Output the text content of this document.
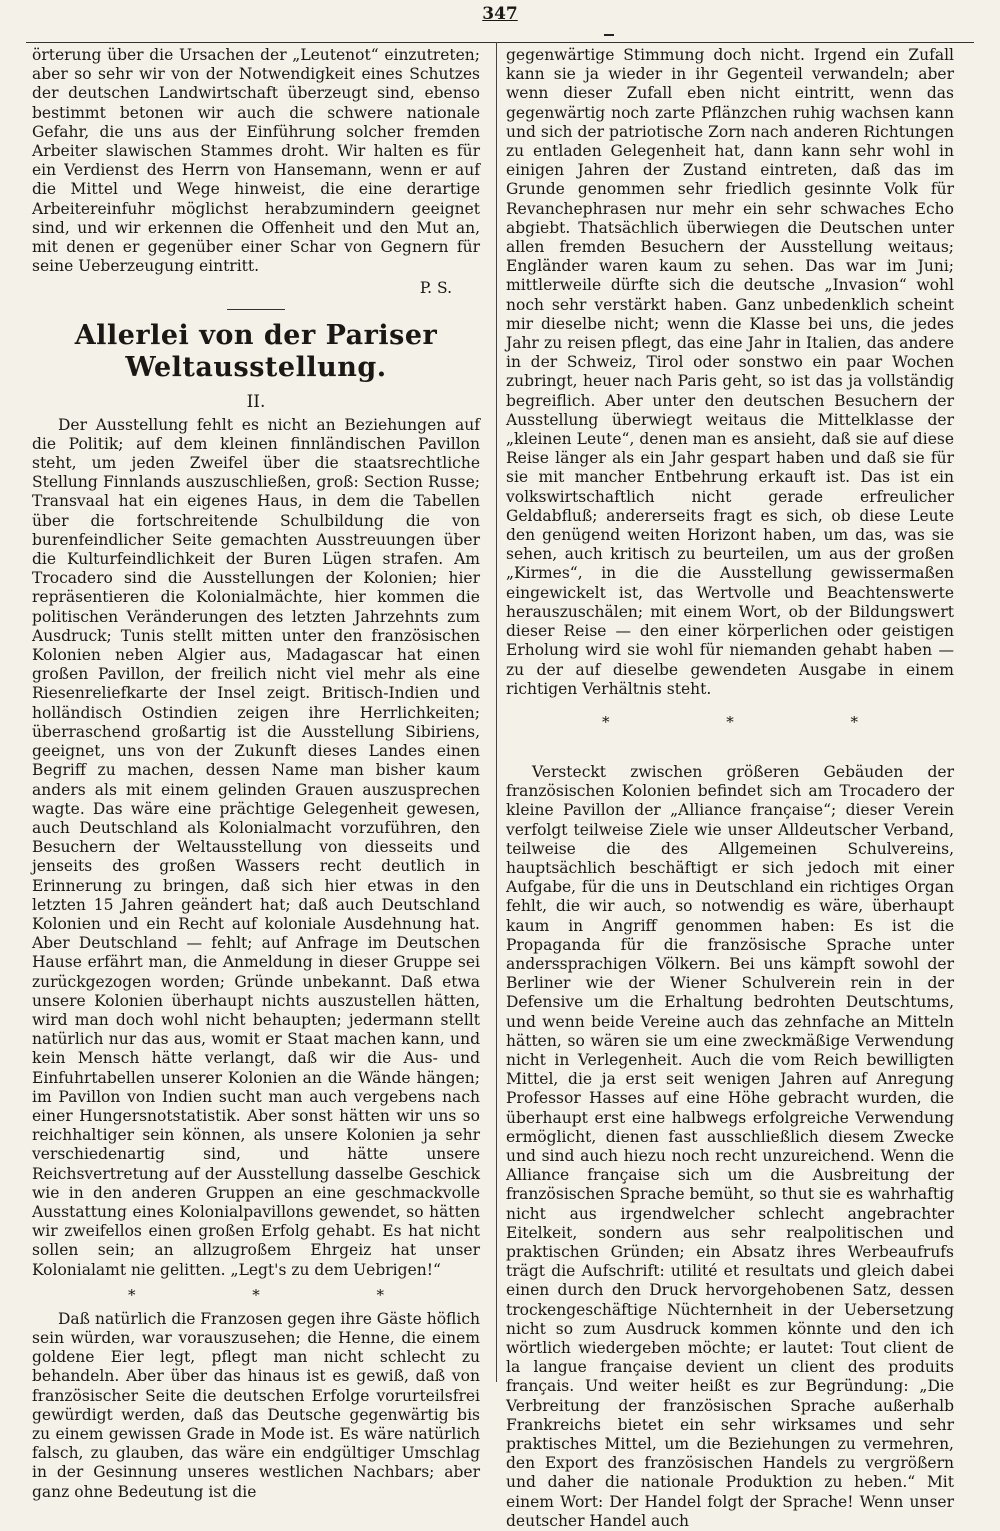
347

örterung über die Ursachen der „Leutenot“ einzutreten; aber so sehr wir von der Notwendigkeit eines Schutzes der deutschen Landwirtschaft überzeugt sind, ebenso bestimmt betonen wir auch die schwere nationale Gefahr, die uns aus der Einführung solcher fremden Arbeiter slawischen Stammes droht. Wir halten es für ein Verdienst des Herrn von Hansemann, wenn er auf die Mittel und Wege hinweist, die eine derartige Arbeitereinfuhr möglichst herabzumindern geeignet sind, und wir erkennen die Offenheit und den Mut an, mit denen er gegenüber einer Schar von Gegnern für seine Ueberzeugung eintritt.

P. S.
Allerlei von der Pariser Weltausstellung.
II.

Der Ausstellung fehlt es nicht an Beziehungen auf die Politik; auf dem kleinen finnländischen Pavillon steht, um jeden Zweifel über die staatsrechtliche Stellung Finnlands auszuschließen, groß: Section Russe; Transvaal hat ein eigenes Haus, in dem die Tabellen über die fortschreitende Schulbildung die von burenfeindlicher Seite gemachten Ausstreuungen über die Kulturfeindlichkeit der Buren Lügen strafen. Am Trocadero sind die Ausstellungen der Kolonien; hier repräsentieren die Kolonialmächte, hier kommen die politischen Veränderungen des letzten Jahrzehnts zum Ausdruck; Tunis stellt mitten unter den französischen Kolonien neben Algier aus, Madagascar hat einen großen Pavillon, der freilich nicht viel mehr als eine Riesenreliefkarte der Insel zeigt. Britisch-Indien und holländisch Ostindien zeigen ihre Herrlichkeiten; überraschend großartig ist die Ausstellung Sibiriens, geeignet, uns von der Zukunft dieses Landes einen Begriff zu machen, dessen Name man bisher kaum anders als mit einem gelinden Grauen auszusprechen wagte. Das wäre eine prächtige Gelegenheit gewesen, auch Deutschland als Kolonialmacht vorzuführen, den Besuchern der Weltausstellung von diesseits und jenseits des großen Wassers recht deutlich in Erinnerung zu bringen, daß sich hier etwas in den letzten 15 Jahren geändert hat; daß auch Deutschland Kolonien und ein Recht auf koloniale Ausdehnung hat. Aber Deutschland — fehlt; auf Anfrage im Deutschen Hause erfährt man, die Anmeldung in dieser Gruppe sei zurückgezogen worden; Gründe unbekannt. Daß etwa unsere Kolonien überhaupt nichts auszustellen hätten, wird man doch wohl nicht behaupten; jedermann stellt natürlich nur das aus, womit er Staat machen kann, und kein Mensch hätte verlangt, daß wir die Aus- und Einfuhrtabellen unserer Kolonien an die Wände hängen; im Pavillon von Indien sucht man auch vergebens nach einer Hungersnotstatistik. Aber sonst hätten wir uns so reichhaltiger sein können, als unsere Kolonien ja sehr verschiedenartig sind, und hätte unsere Reichsvertretung auf der Ausstellung dasselbe Geschick wie in den anderen Gruppen an eine geschmackvolle Ausstattung eines Kolonialpavillons gewendet, so hätten wir zweifellos einen großen Erfolg gehabt. Es hat nicht sollen sein; an allzugroßem Ehrgeiz hat unser Kolonialamt nie gelitten. „Legt's zu dem Uebrigen!“

* * *

Daß natürlich die Franzosen gegen ihre Gäste höflich sein würden, war vorauszusehen; die Henne, die einem goldene Eier legt, pflegt man nicht schlecht zu behandeln. Aber über das hinaus ist es gewiß, daß von französischer Seite die deutschen Erfolge vorurteilsfrei gewürdigt werden, daß das Deutsche gegenwärtig bis zu einem gewissen Grade in Mode ist. Es wäre natürlich falsch, zu glauben, das wäre ein endgültiger Umschlag in der Gesinnung unseres westlichen Nachbars; aber ganz ohne Bedeutung ist die

gegenwärtige Stimmung doch nicht. Irgend ein Zufall kann sie ja wieder in ihr Gegenteil verwandeln; aber wenn dieser Zufall eben nicht eintritt, wenn das gegenwärtig noch zarte Pflänzchen ruhig wachsen kann und sich der patriotische Zorn nach anderen Richtungen zu entladen Gelegenheit hat, dann kann sehr wohl in einigen Jahren der Zustand eintreten, daß das im Grunde genommen sehr friedlich gesinnte Volk für Revanchephrasen nur mehr ein sehr schwaches Echo abgiebt. Thatsächlich überwiegen die Deutschen unter allen fremden Besuchern der Ausstellung weitaus; Engländer waren kaum zu sehen. Das war im Juni; mittlerweile dürfte sich die deutsche „Invasion“ wohl noch sehr verstärkt haben. Ganz unbedenklich scheint mir dieselbe nicht; wenn die Klasse bei uns, die jedes Jahr zu reisen pflegt, das eine Jahr in Italien, das andere in der Schweiz, Tirol oder sonstwo ein paar Wochen zubringt, heuer nach Paris geht, so ist das ja vollständig begreiflich. Aber unter den deutschen Besuchern der Ausstellung überwiegt weitaus die Mittelklasse der „kleinen Leute“, denen man es ansieht, daß sie auf diese Reise länger als ein Jahr gespart haben und daß sie für sie mit mancher Entbehrung erkauft ist. Das ist ein volkswirtschaftlich nicht gerade erfreulicher Geldabfluß; andererseits fragt es sich, ob diese Leute den genügend weiten Horizont haben, um das, was sie sehen, auch kritisch zu beurteilen, um aus der großen „Kirmes“, in die die Ausstellung gewissermaßen eingewickelt ist, das Wertvolle und Beachtenswerte herauszuschälen; mit einem Wort, ob der Bildungswert dieser Reise — den einer körperlichen oder geistigen Erholung wird sie wohl für niemanden gehabt haben — zu der auf dieselbe gewendeten Ausgabe in einem richtigen Verhältnis steht.

* * *

Versteckt zwischen größeren Gebäuden der französischen Kolonien befindet sich am Trocadero der kleine Pavillon der „Alliance française“; dieser Verein verfolgt teilweise Ziele wie unser Alldeutscher Verband, teilweise die des Allgemeinen Schulvereins, hauptsächlich beschäftigt er sich jedoch mit einer Aufgabe, für die uns in Deutschland ein richtiges Organ fehlt, die wir auch, so notwendig es wäre, überhaupt kaum in Angriff genommen haben: Es ist die Propaganda für die französische Sprache unter anderssprachigen Völkern. Bei uns kämpft sowohl der Berliner wie der Wiener Schulverein rein in der Defensive um die Erhaltung bedrohten Deutschtums, und wenn beide Vereine auch das zehnfache an Mitteln hätten, so wären sie um eine zweckmäßige Verwendung nicht in Verlegenheit. Auch die vom Reich bewilligten Mittel, die ja erst seit wenigen Jahren auf Anregung Professor Hasses auf eine Höhe gebracht wurden, die überhaupt erst eine halbwegs erfolgreiche Verwendung ermöglicht, dienen fast ausschließlich diesem Zwecke und sind auch hiezu noch recht unzureichend. Wenn die Alliance française sich um die Ausbreitung der französischen Sprache bemüht, so thut sie es wahrhaftig nicht aus irgendwelcher schlecht angebrachter Eitelkeit, sondern aus sehr realpolitischen und praktischen Gründen; ein Absatz ihres Werbeaufrufs trägt die Aufschrift: utilité et resultats und gleich dabei einen durch den Druck hervorgehobenen Satz, dessen trockengeschäftige Nüchternheit in der Uebersetzung nicht so zum Ausdruck kommen könnte und den ich wörtlich wiedergeben möchte; er lautet: Tout client de la langue française devient un client des produits français. Und weiter heißt es zur Begründung: „Die Verbreitung der französischen Sprache außerhalb Frankreichs bietet ein sehr wirksames und sehr praktisches Mittel, um die Beziehungen zu vermehren, den Export des französischen Handels zu vergrößern und daher die nationale Produktion zu heben.“ Mit einem Wort: Der Handel folgt der Sprache! Wenn unser deutscher Handel auch
